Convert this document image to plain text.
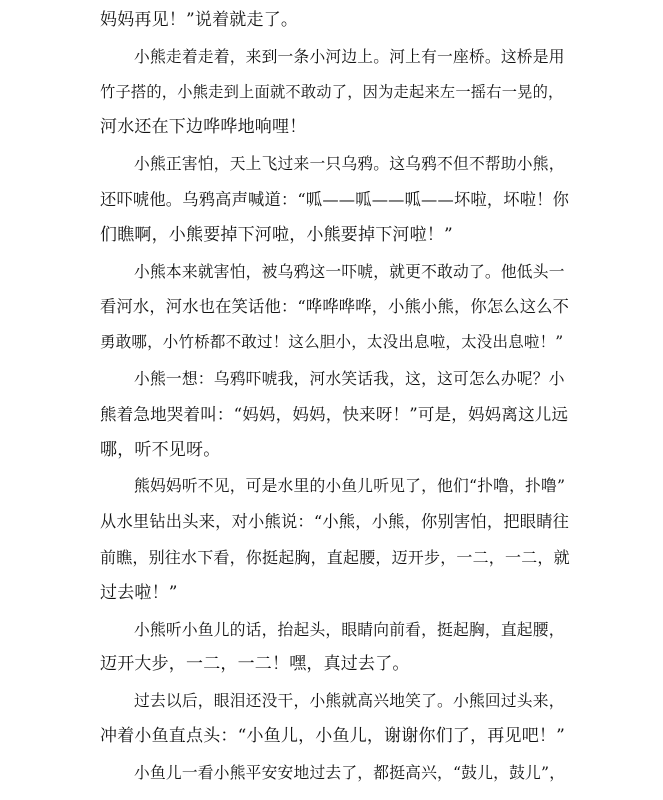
妈妈再见！”说着就走了。
小熊走着走着，来到一条小河边上。河上有一座桥。这桥是用
竹子搭的，小熊走到上面就不敢动了，因为走起来左一摇右一晃的，
河水还在下边哗哗地响哩！
小熊正害怕，天上飞过来一只乌鸦。这乌鸦不但不帮助小熊，
还吓唬他。乌鸦高声喊道：“呱——呱——呱——坏啦，坏啦！你
们瞧啊，小熊要掉下河啦，小熊要掉下河啦！”
小熊本来就害怕，被乌鸦这一吓唬，就更不敢动了。他低头一
看河水，河水也在笑话他：“哗哗哗哗，小熊小熊，你怎么这么不
勇敢哪，小竹桥都不敢过！这么胆小，太没出息啦，太没出息啦！”
小熊一想：乌鸦吓唬我，河水笑话我，这，这可怎么办呢？小
熊着急地哭着叫：“妈妈，妈妈，快来呀！”可是，妈妈离这儿远
哪，听不见呀。
熊妈妈听不见，可是水里的小鱼儿听见了，他们“扑噜，扑噜”
从水里钻出头来，对小熊说：“小熊，小熊，你别害怕，把眼睛往
前瞧，别往水下看，你挺起胸，直起腰，迈开步，一二，一二，就
过去啦！”
小熊听小鱼儿的话，抬起头，眼睛向前看，挺起胸，直起腰，
迈开大步，一二，一二！嘿，真过去了。
过去以后，眼泪还没干，小熊就高兴地笑了。小熊回过头来，
冲着小鱼直点头：“小鱼儿，小鱼儿，谢谢你们了，再见吧！”
小鱼儿一看小熊平安安地过去了，都挺高兴，“鼓儿，鼓儿”，
